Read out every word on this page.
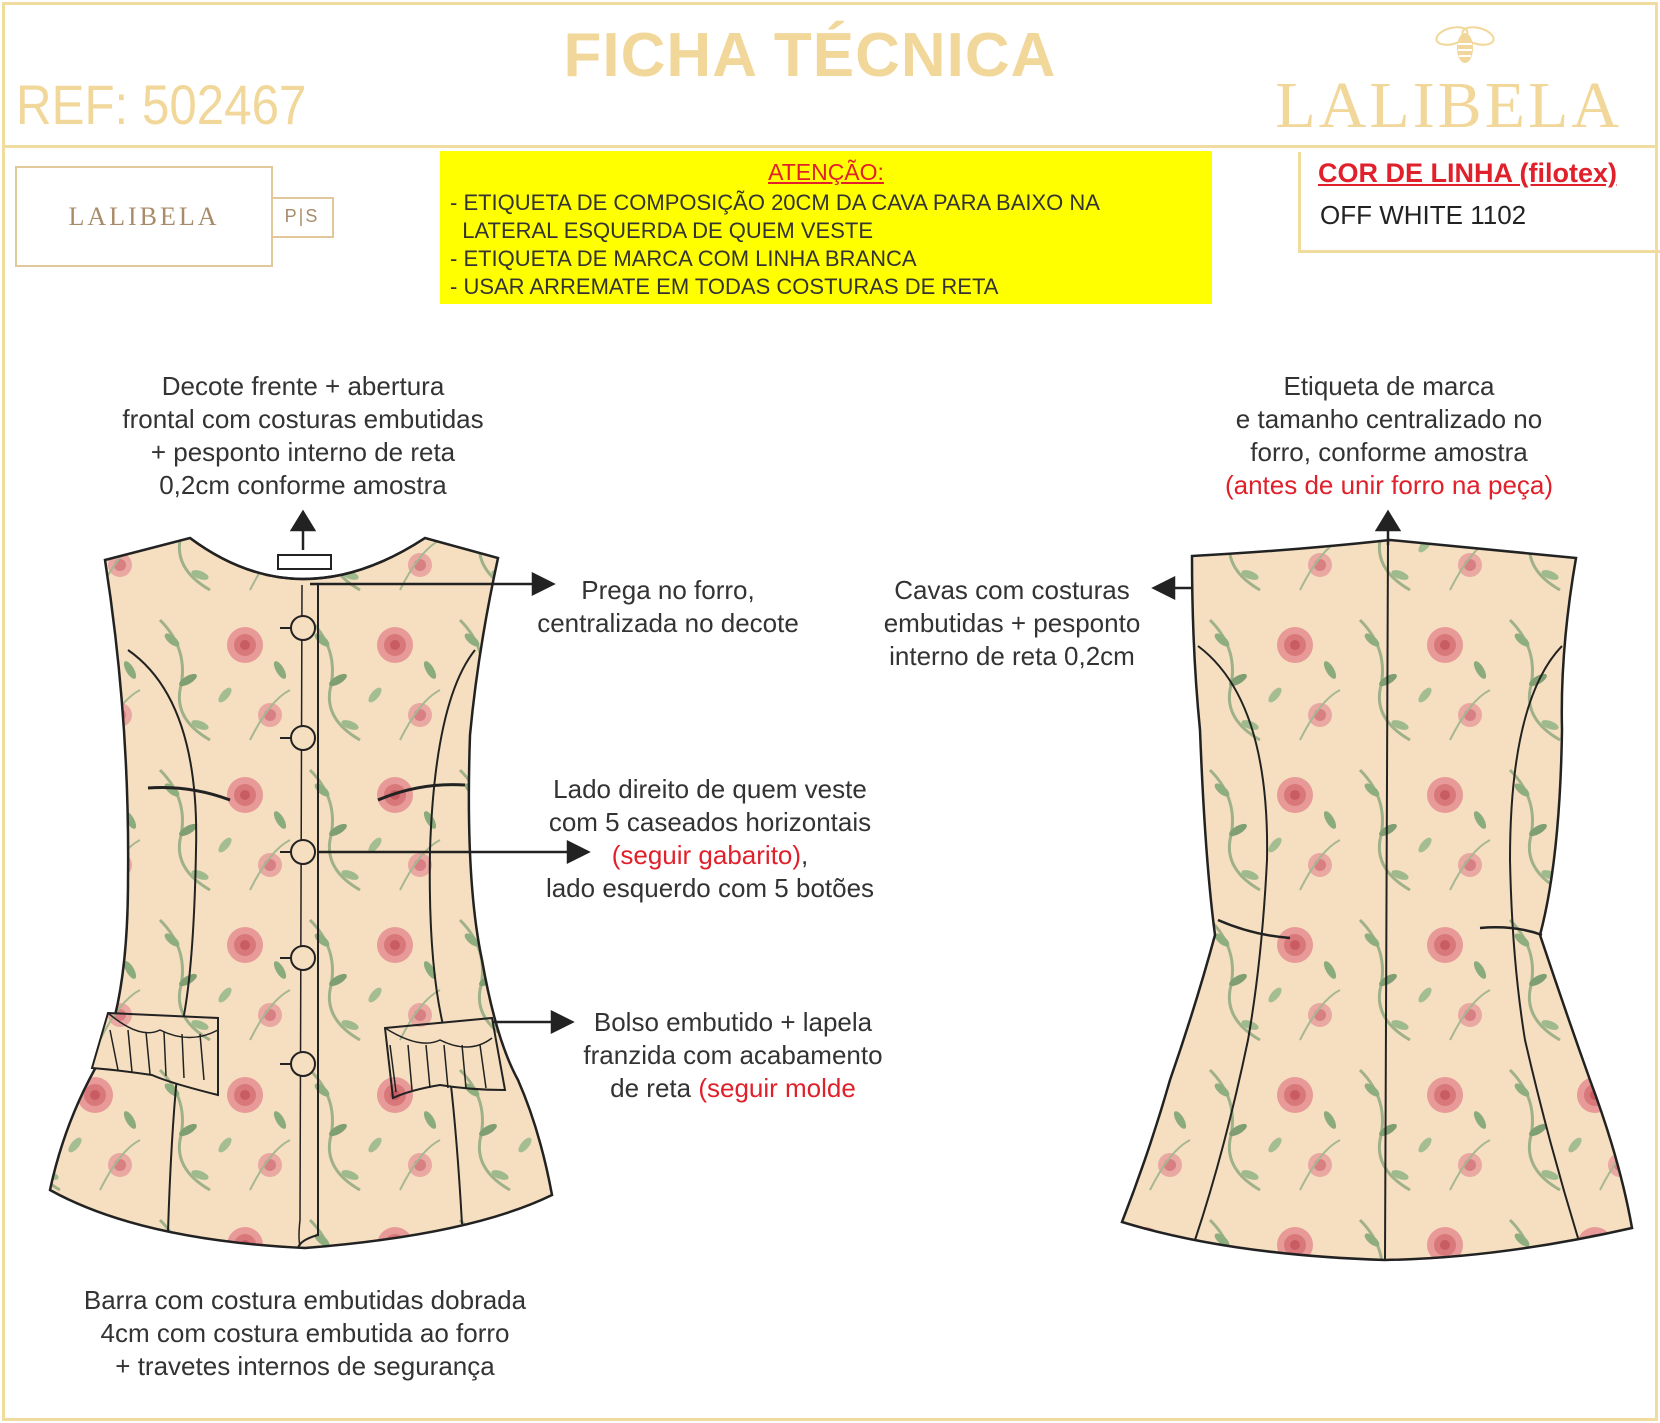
REF: 502467
FICHA TÉCNICA
LALIBELA
LALIBELA	P|S
ATENÇÃO:
- ETIQUETA DE COMPOSIÇÃO 20CM DA CAVA PARA BAIXO NA
LATERAL ESQUERDA DE QUEM VESTE
- ETIQUETA DE MARCA COM LINHA BRANCA
- USAR ARREMATE EM TODAS COSTURAS DE RETA
COR DE LINHA (filotex)
OFF WHITE 1102
Decote frente + abertura
frontal com costuras embutidas
+ pesponto interno de reta
0,2cm conforme amostra
Prega no forro,
centralizada no decote
Lado direito de quem veste
com 5 caseados horizontais
(seguir gabarito),
lado esquerdo com 5 botões
Bolso embutido + lapela
franzida com acabamento
de reta (seguir molde
Barra com costura embutidas dobrada
4cm com costura embutida ao forro
+ travetes internos de segurança
Etiqueta de marca
e tamanho centralizado no
forro, conforme amostra
(antes de unir forro na peça)
Cavas com costuras
embutidas + pesponto
interno de reta 0,2cm
